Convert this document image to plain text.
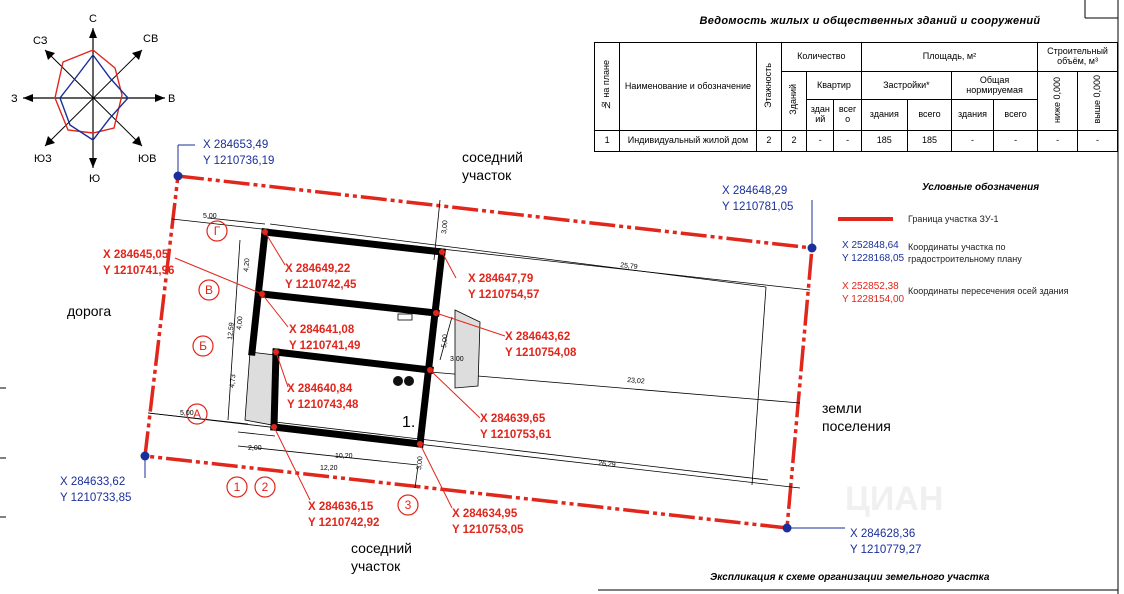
С
СВ
В
ЮВ
Ю
ЮЗ
З
СЗ
Г
В
Б
А
1 2
3
5,00
3,00
25,79
4,20
12,59 4,00
4,73
5,00
2,00
10,20
12,20	3,00
23,02
26,29
5,00
3,00
1.
соседний
участок
дорога
земли
поселения
соседний
участок
ЦИАН
X 284653,49
Y 1210736,19
X 284648,29
Y 1210781,05
X 284633,62
Y 1210733,85
X 284628,36
Y 1210779,27
X 284645,05
Y 1210741,96	X 284649,22
Y 1210742,45	X 284647,79
Y 1210754,57
X 284641,08
Y 1210741,49
X 284643,62
Y 1210754,08
X 284640,84
Y 1210743,48
X 284639,65
Y 1210753,61
X 284636,15
Y 1210742,92
X 284634,95
Y 1210753,05
Ведомость жилых и общественных зданий и сооружений
№ на плане	Наименование и обозначение	Этажность	Количество			Площадь, м²				Строительный объём, м³	
			Зданий	Квартир		Застройки*		Общая нормируемая		ниже 0,000	выше 0,000
				здан ий	всег о	здания	всего	здания	всего		
1	Индивидуальный жилой дом	2	2	-	-	185	185	-	-	-	-
Условные обозначения
Граница участка ЗУ-1
X 252848,64
Y 1228168,05
Координаты участка по градостроительному плану
X 252852,38
Y 1228154,00
Координаты пересечения осей здания
Экспликация к схеме организации земельного участка
